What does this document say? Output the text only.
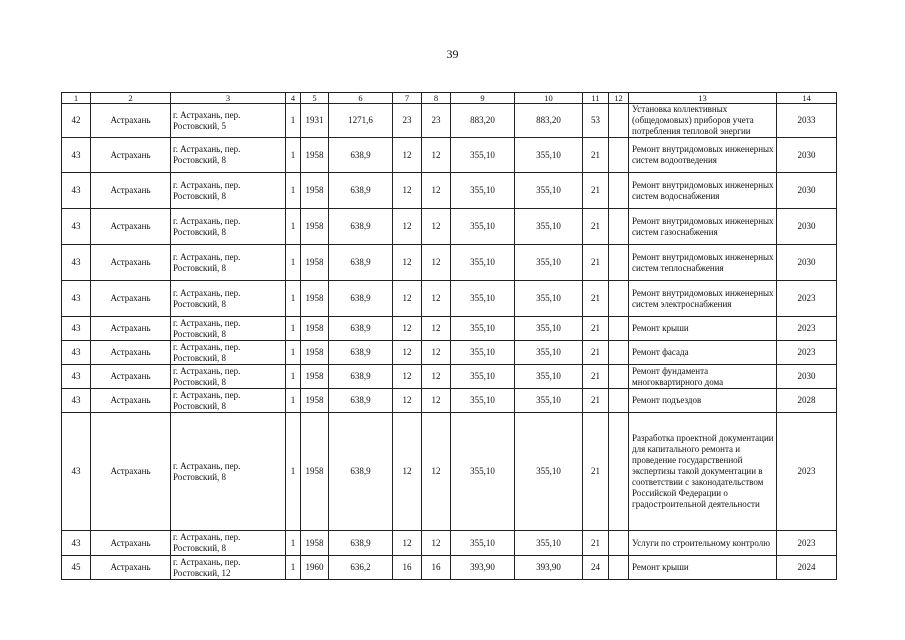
39
1	2	3	4	5	6	7	8	9	10	11	12	13	14
42	Астрахань	г. Астрахань, пер. Ростовский, 5	1	1931	1271,6	23	23	883,20	883,20	53		Установка коллективных (общедомовых) приборов учета потребления тепловой энергии	2033
43	Астрахань	г. Астрахань, пер. Ростовский, 8	1	1958	638,9	12	12	355,10	355,10	21		Ремонт внутридомовых инженерных систем водоотведения	2030
43	Астрахань	г. Астрахань, пер. Ростовский, 8	1	1958	638,9	12	12	355,10	355,10	21		Ремонт внутридомовых инженерных систем водоснабжения	2030
43	Астрахань	г. Астрахань, пер. Ростовский, 8	1	1958	638,9	12	12	355,10	355,10	21		Ремонт внутридомовых инженерных систем газоснабжения	2030
43	Астрахань	г. Астрахань, пер. Ростовский, 8	1	1958	638,9	12	12	355,10	355,10	21		Ремонт внутридомовых инженерных систем теплоснабжения	2030
43	Астрахань	г. Астрахань, пер. Ростовский, 8	1	1958	638,9	12	12	355,10	355,10	21		Ремонт внутридомовых инженерных систем электроснабжения	2023
43	Астрахань	г. Астрахань, пер. Ростовский, 8	1	1958	638,9	12	12	355,10	355,10	21		Ремонт крыши	2023
43	Астрахань	г. Астрахань, пер. Ростовский, 8	1	1958	638,9	12	12	355,10	355,10	21		Ремонт фасада	2023
43	Астрахань	г. Астрахань, пер. Ростовский, 8	1	1958	638,9	12	12	355,10	355,10	21		Ремонт фундамента многоквартирного дома	2030
43	Астрахань	г. Астрахань, пер. Ростовский, 8	1	1958	638,9	12	12	355,10	355,10	21		Ремонт подъездов	2028
43	Астрахань	г. Астрахань, пер. Ростовский, 8	1	1958	638,9	12	12	355,10	355,10	21		Разработка проектной документации для капитального ремонта и проведение государственной экспертизы такой документации в соответствии с законодательством Российской Федерации о градостроительной деятельности	2023
43	Астрахань	г. Астрахань, пер. Ростовский, 8	1	1958	638,9	12	12	355,10	355,10	21		Услуги по строительному контролю	2023
45	Астрахань	г. Астрахань, пер. Ростовский, 12	1	1960	636,2	16	16	393,90	393,90	24		Ремонт крыши	2024
